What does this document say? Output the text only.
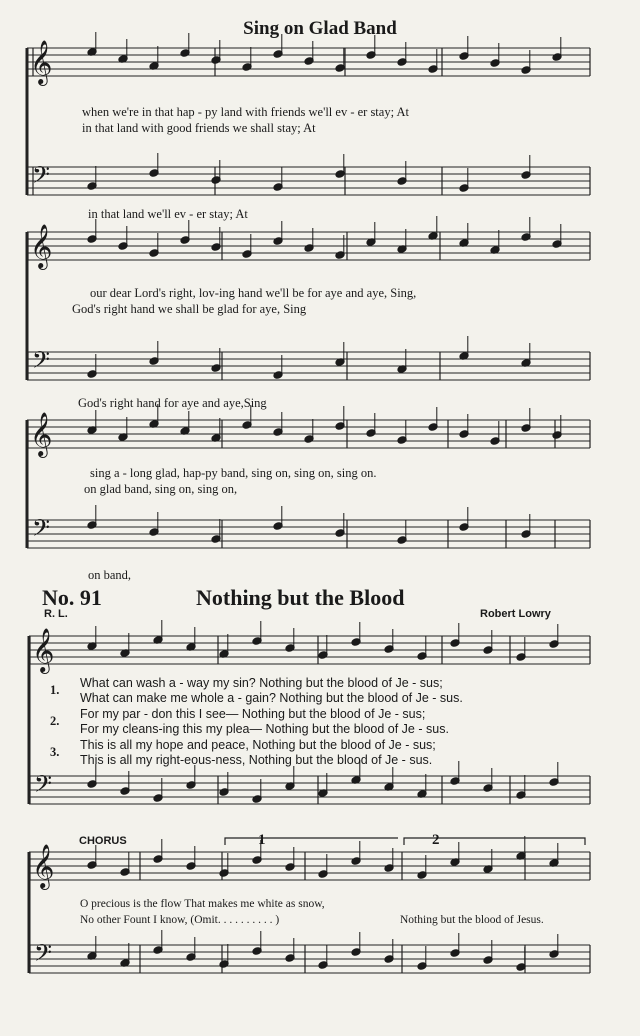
𝄞
𝄢
𝄞
𝄢
𝄞
𝄢
𝄞
𝄢
𝄞
𝄢
Sing on Glad Band
when we're in that hap - py land with friends we'll ev - er stay; At
in that land with good friends we shall stay; At
in that land we'll ev - er stay; At
our dear Lord's right, lov-ing hand we'll be for aye and aye, Sing,
God's right hand we shall be glad for aye, Sing
God's right hand for aye and aye,Sing
sing a - long glad, hap-py band, sing on, sing on, sing on.
on glad band, sing on, sing on,
on band,
No. 91	Nothing but the Blood
R. L.	Robert Lowry
1. What can wash a - way my sin? Nothing but the blood of Je - sus;
What can make me whole a - gain? Nothing but the blood of Je - sus.
2. For my par - don this I see— Nothing but the blood of Je - sus;
For my cleans-ing this my plea— Nothing but the blood of Je - sus.
3. This is all my hope and peace, Nothing but the blood of Je - sus;
This is all my right-eous-ness, Nothing but the blood of Je - sus.
CHORUS	1	2
O precious is the flow That makes me white as snow,
No other Fount I know, (Omit. . . . . . . . . . )	Nothing but the blood of Jesus.
